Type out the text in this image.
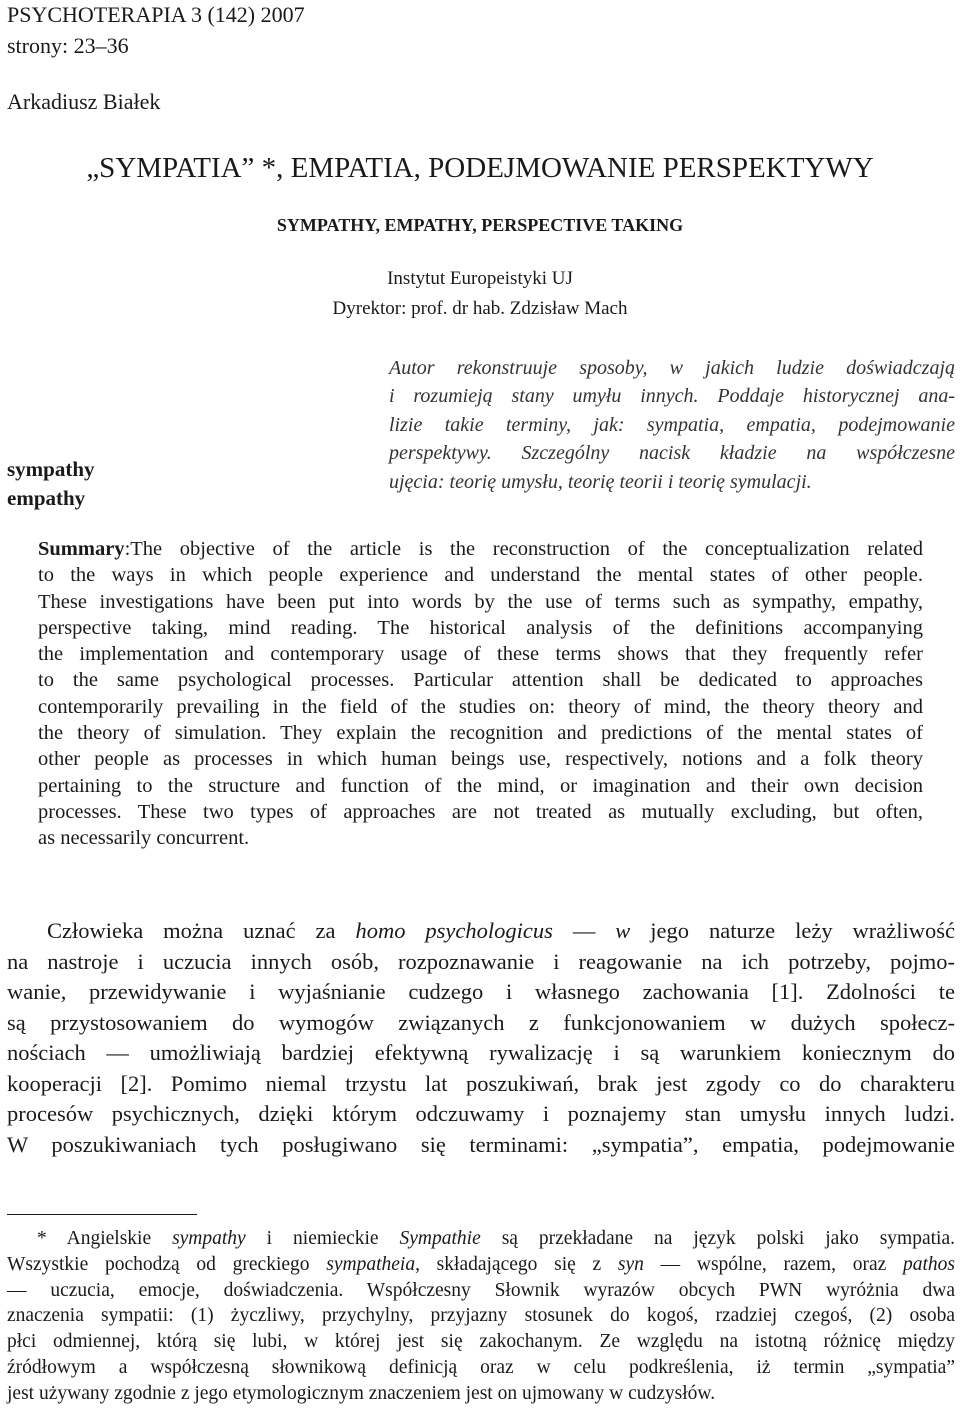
PSYCHOTERAPIA 3 (142) 2007
strony: 23–36
Arkadiusz Białek
„SYMPATIA” *, EMPATIA, PODEJMOWANIE PERSPEKTYWY
SYMPATHY, EMPATHY, PERSPECTIVE TAKING
Instytut Europeistyki UJ
Dyrektor: prof. dr hab. Zdzisław Mach
sympathy
empathy
Autor rekonstruuje sposoby, w jakich ludzie doświadczają
i rozumieją stany umyłu innych. Poddaje historycznej ana-
lizie takie terminy, jak: sympatia, empatia, podejmowanie
perspektywy. Szczególny nacisk kładzie na współczesne
ujęcia: teorię umysłu, teorię teorii i teorię symulacji.
Summary:The objective of the article is the reconstruction of the conceptualization related
to the ways in which people experience and understand the mental states of other people.
These investigations have been put into words by the use of terms such as sympathy, empathy,
perspective taking, mind reading. The historical analysis of the definitions accompanying
the implementation and contemporary usage of these terms shows that they frequently refer
to the same psychological processes. Particular attention shall be dedicated to approaches
contemporarily prevailing in the field of the studies on: theory of mind, the theory theory and
the theory of simulation. They explain the recognition and predictions of the mental states of
other people as processes in which human beings use, respectively, notions and a folk theory
pertaining to the structure and function of the mind, or imagination and their own decision
processes. These two types of approaches are not treated as mutually excluding, but often,
as necessarily concurrent.
Człowieka można uznać za homo psychologicus — w jego naturze leży wrażliwość
na nastroje i uczucia innych osób, rozpoznawanie i reagowanie na ich potrzeby, pojmo-
wanie, przewidywanie i wyjaśnianie cudzego i własnego zachowania [1]. Zdolności te
są przystosowaniem do wymogów związanych z funkcjonowaniem w dużych społecz-
nościach — umożliwiają bardziej efektywną rywalizację i są warunkiem koniecznym do
kooperacji [2]. Pomimo niemal trzystu lat poszukiwań, brak jest zgody co do charakteru
procesów psychicznych, dzięki którym odczuwamy i poznajemy stan umysłu innych ludzi.
W poszukiwaniach tych posługiwano się terminami: „sympatia”, empatia, podejmowanie
* Angielskie sympathy i niemieckie Sympathie są przekładane na język polski jako sympatia.
Wszystkie pochodzą od greckiego sympatheia, składającego się z syn — wspólne, razem, oraz pathos
— uczucia, emocje, doświadczenia. Współczesny Słownik wyrazów obcych PWN wyróżnia dwa
znaczenia sympatii: (1) życzliwy, przychylny, przyjazny stosunek do kogoś, rzadziej czegoś, (2) osoba
płci odmiennej, którą się lubi, w której jest się zakochanym. Ze względu na istotną różnicę między
źródłowym a współczesną słownikową definicją oraz w celu podkreślenia, iż termin „sympatia”
jest używany zgodnie z jego etymologicznym znaczeniem jest on ujmowany w cudzysłów.
